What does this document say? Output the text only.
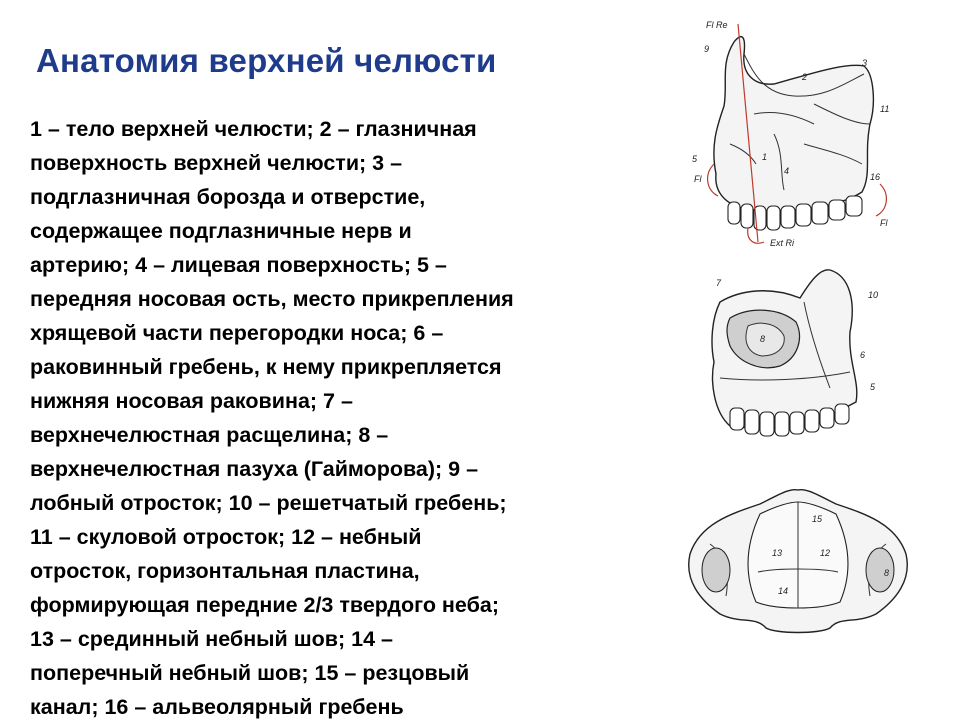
Анатомия верхней челюсти
1 – тело верхней челюсти; 2 – глазничная
поверхность верхней челюсти; 3 –
подглазничная борозда и отверстие,
содержащее подглазничные нерв и
артерию; 4 – лицевая поверхность; 5 –
передняя носовая ость, место прикрепления
хрящевой части перегородки носа; 6 –
раковинный гребень, к нему прикрепляется
нижняя носовая раковина; 7 –
верхнечелюстная расщелина; 8 –
верхнечелюстная пазуха (Гайморова); 9 –
лобный отросток; 10 – решетчатый гребень;
11 – скуловой отросток; 12 – небный
отросток, горизонтальная пластина,
формирующая передние 2/3 твердого неба;
13 – срединный небный шов; 14 –
поперечный небный шов; 15 – резцовый
канал; 16 – альвеолярный гребень
Fl Re
9
2
3
11
5	1
4
Fl	16
Fl
Ext Ri
7
10
8
6
5
15
13	12
14
8
